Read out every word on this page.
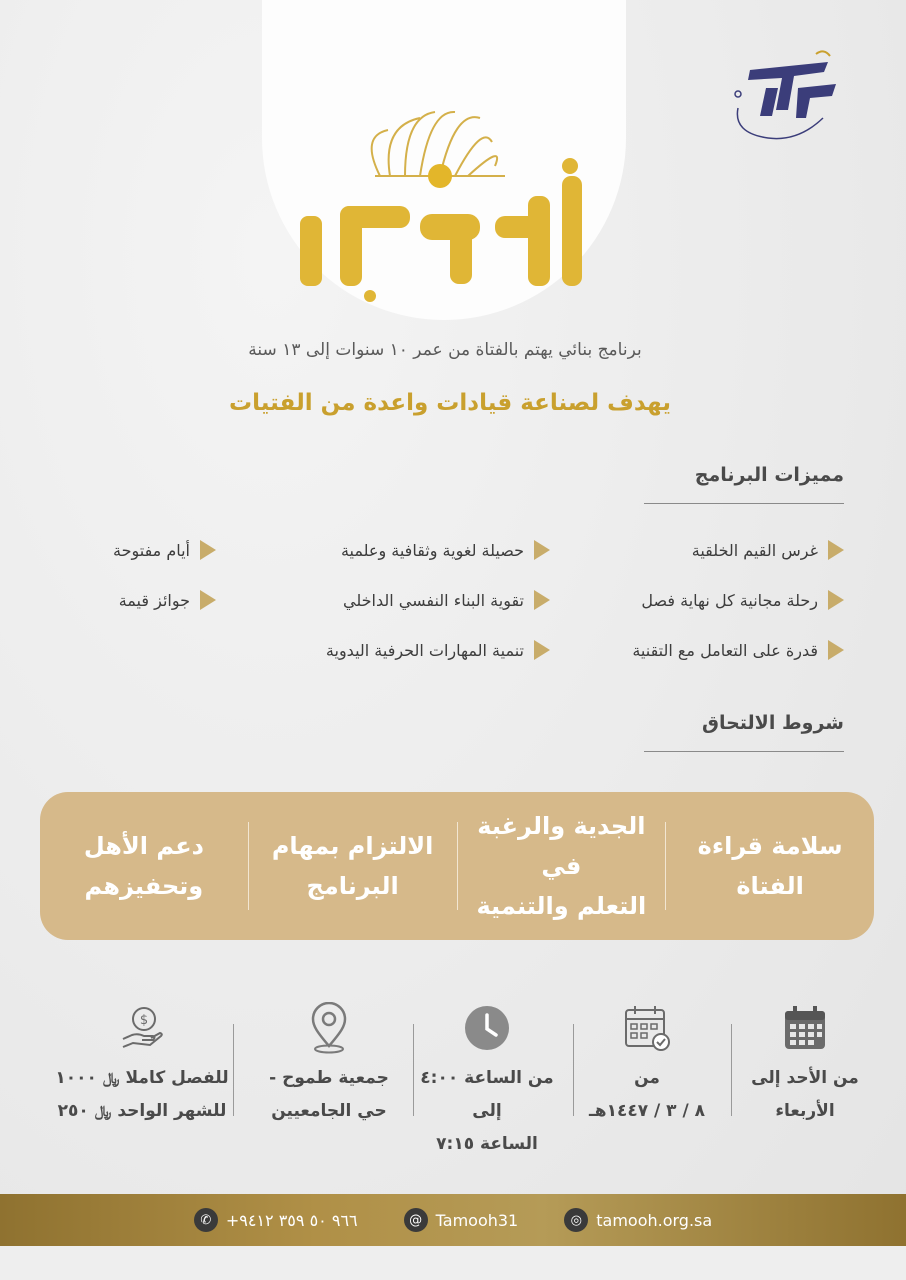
أقحوان
برنامج بنائي يهتم بالفتاة من عمر ١٠ سنوات إلى ١٣ سنة
يهدف لصناعة قيادات واعدة من الفتيات
مميزات البرنامج
غرس القيم الخلقية
رحلة مجانية كل نهاية فصل
قدرة على التعامل مع التقنية
حصيلة لغوية وثقافية وعلمية
تقوية البناء النفسي الداخلي
تنمية المهارات الحرفية اليدوية
أيام مفتوحة
جوائز قيمة
شروط الالتحاق
سلامة قراءة
الفتاة
الجدية والرغبة في
التعلم والتنمية
الالتزام بمهام
البرنامج
دعم الأهل
وتحفيزهم
من الأحد إلى
الأربعاء
من
٨ / ٣ / ١٤٤٧هـ
من الساعة ٤:٠٠ إلى
الساعة ٧:١٥
جمعية طموح -
حي الجامعيين
$
للفصل كاملا
﷼
١٠٠٠
للشهر الواحد
﷼
٢٥٠
✆ +٩٦٦ ٥٠ ٣٥٩ ٩٤١٢	@ Tamooh31	◎ tamooh.org.sa
